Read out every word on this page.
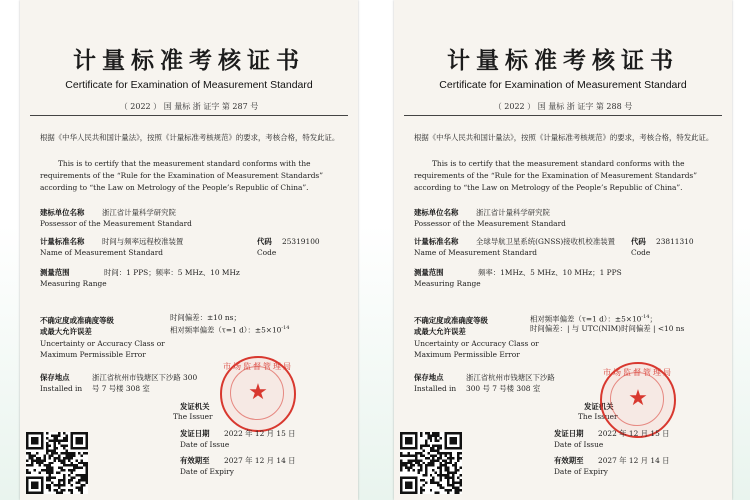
计量标准考核证书
Certificate for Examination of Measurement Standard
（ 2022 ） 国 量标 浙 证字 第 287 号
根据《中华人民共和国计量法》，按照《计量标准考核规范》的要求，考核合格，特发此证。
This is to certify that the measurement standard conforms with the requirements of the “Rule for the Examination of Measurement Standards” according to “the Law on Metrology of the People’s Republic of China”.
建标单位名称 浙江省计量科学研究院
Possessor of the Measurement Standard
计量标准名称 时间与频率远程校准装置
Name of Measurement Standard
代码 25319100
Code
测量范围	时间：1 PPS；频率：5 MHz、10 MHz
Measuring Range
不确定度或准确度等级
或最大允许误差
Uncertainty or Accuracy Class or
Maximum Permissible Error
时间偏差：±10 ns；
相对频率偏差（τ=1 d）：$\pm 5\times 10^{-14}$
保存地点
Installed in
浙江省杭州市钱塘区下沙路 300
号 7 号楼 308 室
发证机关
The Issuer
市场监督管理局
★
发证日期 2022 年 12 月 15 日
Date of Issue
有效期至 2027 年 12 月 14 日
Date of Expiry
计量标准考核证书
Certificate for Examination of Measurement Standard
（ 2022 ） 国 量标 浙 证字 第 288 号
根据《中华人民共和国计量法》，按照《计量标准考核规范》的要求，考核合格，特发此证。
This is to certify that the measurement standard conforms with the requirements of the “Rule for the Examination of Measurement Standards” according to “the Law on Metrology of the People’s Republic of China”.
建标单位名称 浙江省计量科学研究院
Possessor of the Measurement Standard
计量标准名称 全球导航卫星系统(GNSS)接收机校准装置
Name of Measurement Standard
代码 23811310
Code
测量范围	频率：1MHz、5 MHz、10 MHz；1 PPS
Measuring Range
不确定度或准确度等级
或最大允许误差
Uncertainty or Accuracy Class or
Maximum Permissible Error
相对频率偏差（τ=1 d）：$\pm 5\times 10^{-14}$；
时间偏差：| 与 UTC(NIM)时间偏差 | <10 ns
保存地点
Installed in
浙江省杭州市钱塘区下沙路
300 号 7 号楼 308 室
发证机关
The Issuer
市场监督管理局
★
发证日期 2022 年 12 月 15 日
Date of Issue
有效期至 2027 年 12 月 14 日
Date of Expiry
